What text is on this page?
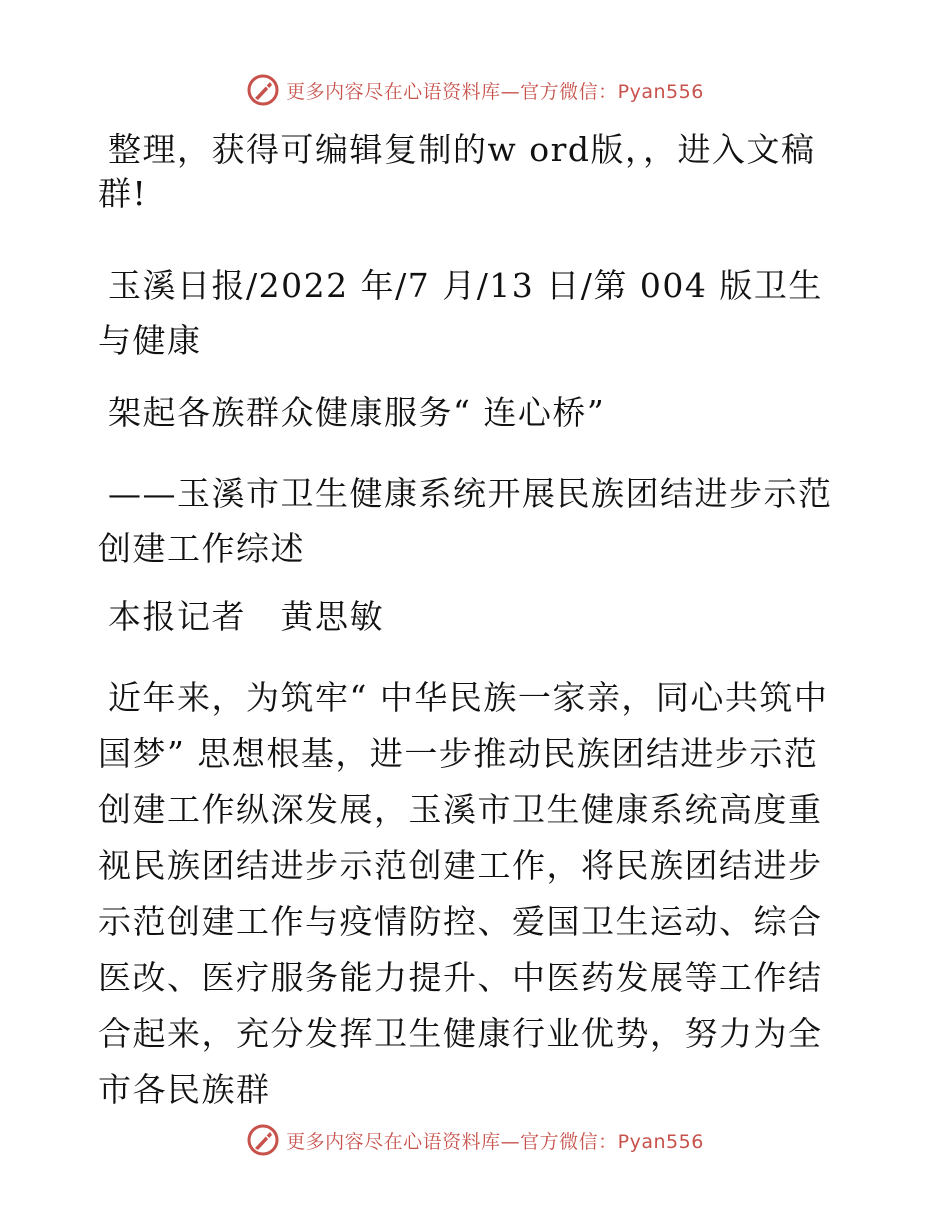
更多内容尽在心语资料库—官方微信：Pyan556

整理，获得可编辑复制的w ord版，，进入文稿群!

玉溪日报/2022 年/7 月/13 日/第 004 版卫生与健康

架起各族群众健康服务“ 连心桥”

——玉溪市卫生健康系统开展民族团结进步示范创建工作综述

本报记者　黄思敏

近年来，为筑牢“ 中华民族一家亲，同心共筑中国梦” 思想根基，进一步推动民族团结进步示范创建工作纵深发展，玉溪市卫生健康系统高度重视民族团结进步示范创建工作，将民族团结进步示范创建工作与疫情防控、爱国卫生运动、综合医改、医疗服务能力提升、中医药发展等工作结合起来，充分发挥卫生健康行业优势，努力为全市各民族群

更多内容尽在心语资料库—官方微信：Pyan556
